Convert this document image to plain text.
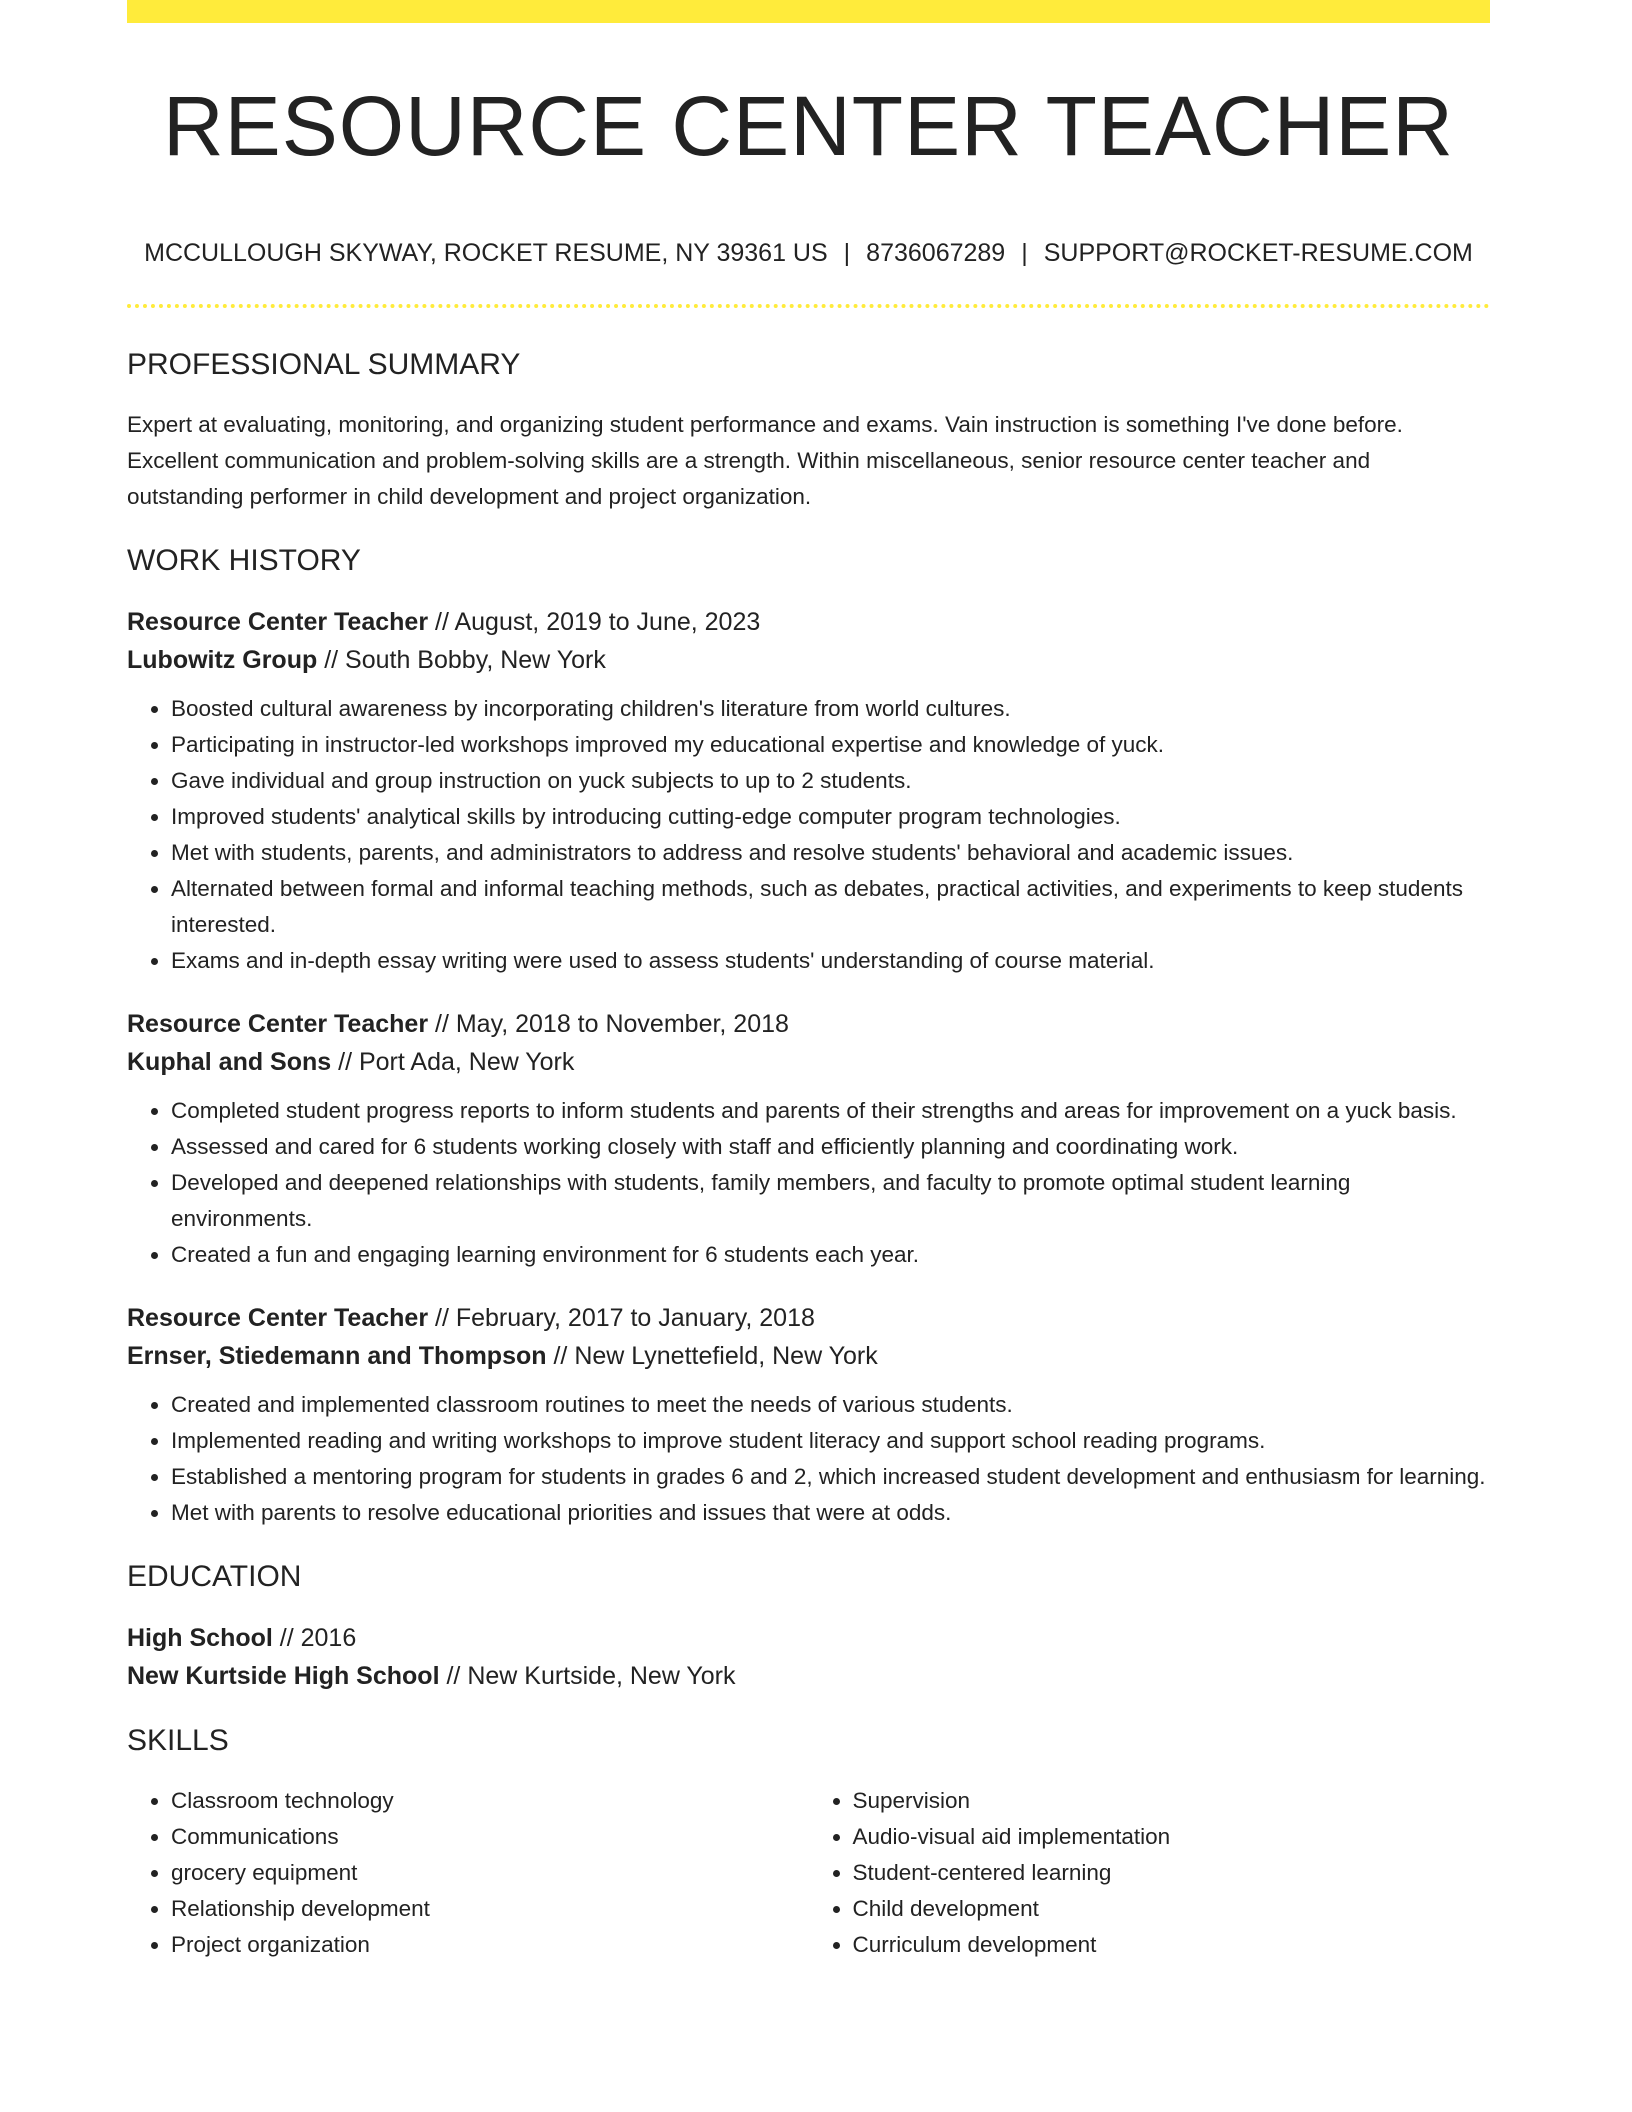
RESOURCE CENTER TEACHER
MCCULLOUGH SKYWAY, ROCKET RESUME, NY 39361 US | 8736067289 | SUPPORT@ROCKET-RESUME.COM
PROFESSIONAL SUMMARY

Expert at evaluating, monitoring, and organizing student performance and exams. Vain instruction is something I've done before. Excellent communication and problem-solving skills are a strength. Within miscellaneous, senior resource center teacher and outstanding performer in child development and project organization.

WORK HISTORY
Resource Center Teacher // August, 2019 to June, 2023
Lubowitz Group // South Bobby, New York
• Boosted cultural awareness by incorporating children's literature from world cultures.
• Participating in instructor-led workshops improved my educational expertise and knowledge of yuck.
• Gave individual and group instruction on yuck subjects to up to 2 students.
• Improved students' analytical skills by introducing cutting-edge computer program technologies.
• Met with students, parents, and administrators to address and resolve students' behavioral and academic issues.
• Alternated between formal and informal teaching methods, such as debates, practical activities, and experiments to keep students interested.
• Exams and in-depth essay writing were used to assess students' understanding of course material.
Resource Center Teacher // May, 2018 to November, 2018
Kuphal and Sons // Port Ada, New York
• Completed student progress reports to inform students and parents of their strengths and areas for improvement on a yuck basis.
• Assessed and cared for 6 students working closely with staff and efficiently planning and coordinating work.
• Developed and deepened relationships with students, family members, and faculty to promote optimal student learning environments.
• Created a fun and engaging learning environment for 6 students each year.
Resource Center Teacher // February, 2017 to January, 2018
Ernser, Stiedemann and Thompson // New Lynettefield, New York
• Created and implemented classroom routines to meet the needs of various students.
• Implemented reading and writing workshops to improve student literacy and support school reading programs.
• Established a mentoring program for students in grades 6 and 2, which increased student development and enthusiasm for learning.
• Met with parents to resolve educational priorities and issues that were at odds.
EDUCATION
High School // 2016
New Kurtside High School // New Kurtside, New York
SKILLS
• Classroom technology
• Communications
• grocery equipment
• Relationship development
• Project organization
• Supervision
• Audio-visual aid implementation
• Student-centered learning
• Child development
• Curriculum development
